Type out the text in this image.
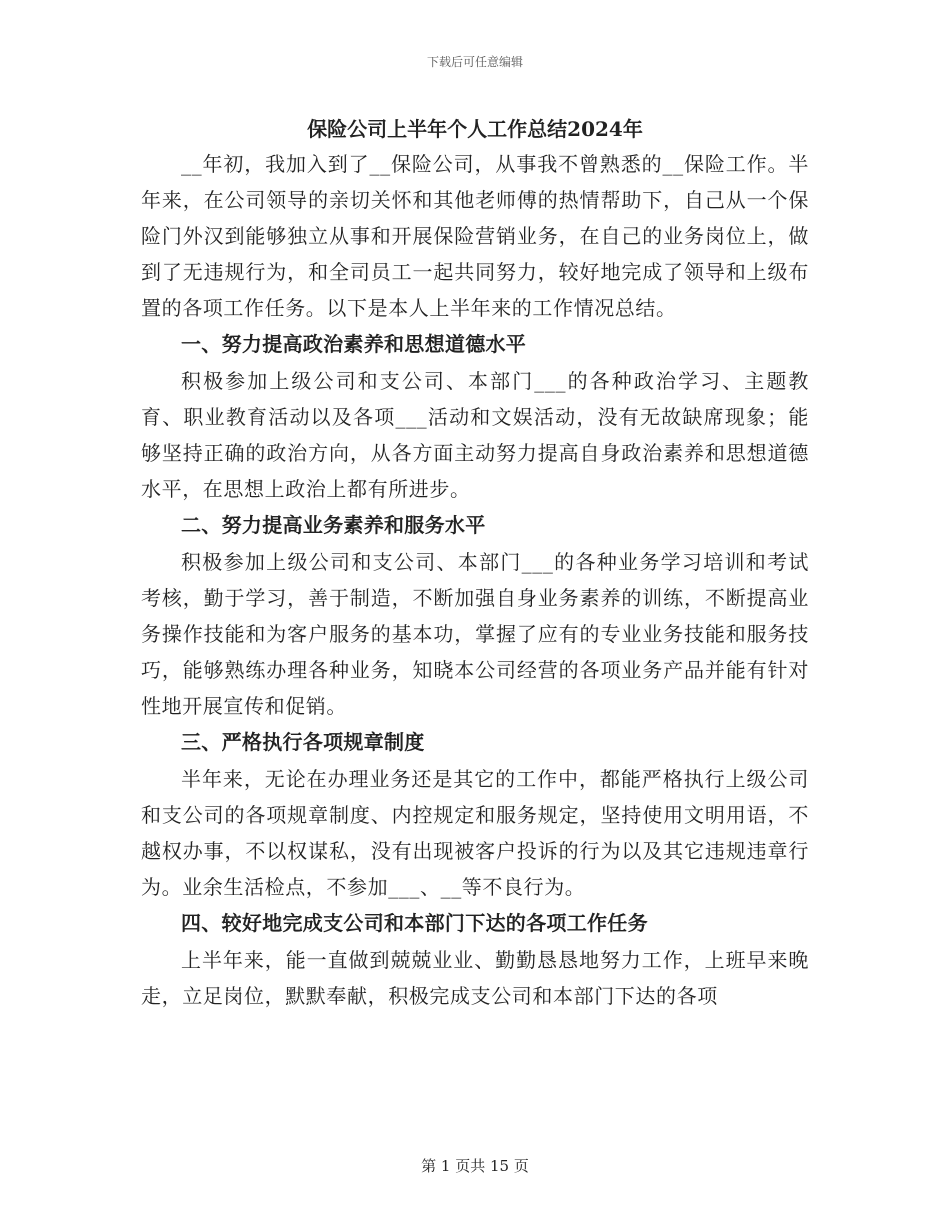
下载后可任意编辑
保险公司上半年个人工作总结2024年

__年初，我加入到了__保险公司，从事我不曾熟悉的__保险工作。半年来，在公司领导的亲切关怀和其他老师傅的热情帮助下，自己从一个保险门外汉到能够独立从事和开展保险营销业务，在自己的业务岗位上，做到了无违规行为，和全司员工一起共同努力，较好地完成了领导和上级布置的各项工作任务。以下是本人上半年来的工作情况总结。

一、努力提高政治素养和思想道德水平

积极参加上级公司和支公司、本部门___的各种政治学习、主题教育、职业教育活动以及各项___活动和文娱活动，没有无故缺席现象；能够坚持正确的政治方向，从各方面主动努力提高自身政治素养和思想道德水平，在思想上政治上都有所进步。

二、努力提高业务素养和服务水平

积极参加上级公司和支公司、本部门___的各种业务学习培训和考试考核，勤于学习，善于制造，不断加强自身业务素养的训练，不断提高业务操作技能和为客户服务的基本功，掌握了应有的专业业务技能和服务技巧，能够熟练办理各种业务，知晓本公司经营的各项业务产品并能有针对性地开展宣传和促销。

三、严格执行各项规章制度

半年来，无论在办理业务还是其它的工作中，都能严格执行上级公司和支公司的各项规章制度、内控规定和服务规定，坚持使用文明用语，不越权办事，不以权谋私，没有出现被客户投诉的行为以及其它违规违章行为。业余生活检点，不参加___、__等不良行为。

四、较好地完成支公司和本部门下达的各项工作任务

上半年来，能一直做到兢兢业业、勤勤恳恳地努力工作，上班早来晚走，立足岗位，默默奉献，积极完成支公司和本部门下达的各项

第 1 页共 15 页
